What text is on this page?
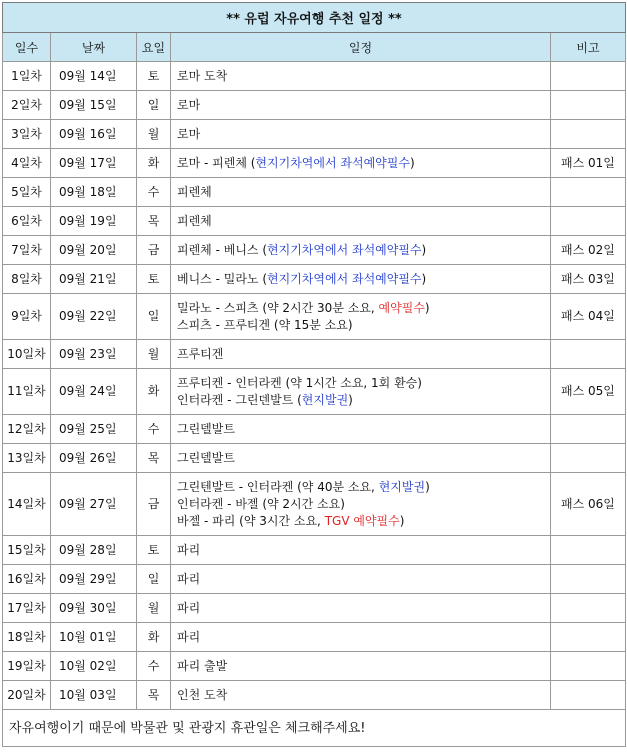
** 유럽 자유여행 추천 일정 **				
일수	날짜	요일	일정	비고
1일차	09월 14일	토	로마 도착	

2일차	09월 15일	일	로마	

3일차	09월 16일	월	로마	

4일차	09월 17일	화	로마 - 피렌체 (현지기차역에서 좌석예약필수)	패스 01일
5일차	09월 18일	수	피렌체	

6일차	09월 19일	목	피렌체	

7일차	09월 20일	금	피렌체 - 베니스 (현지기차역에서 좌석예약필수)	패스 02일
8일차	09월 21일	토	베니스 - 밀라노 (현지기차역에서 좌석예약필수)	패스 03일
9일차	09월 22일	일	밀라노 - 스피츠 (약 2시간 30분 소요, 예약필수)
스피츠 - 프루티겐 (약 15분 소요)	패스 04일
10일차	09월 23일	월	프루티겐	

11일차	09월 24일	화	프루티켄 - 인터라켄 (약 1시간 소요, 1회 환승)
인터라켄 - 그린덴발트 (현지발권)	패스 05일
12일차	09월 25일	수	그린델발트	

13일차	09월 26일	목	그린델발트	

14일차	09월 27일	금	그린텐발트 - 인터라켄 (약 40분 소요, 현지발권)
인터라켄 - 바젤 (약 2시간 소요)
바젤 - 파리 (약 3시간 소요, TGV 예약필수)	패스 06일
15일차	09월 28일	토	파리	

16일차	09월 29일	일	파리	

17일차	09월 30일	월	파리	

18일차	10월 01일	화	파리	

19일차	10월 02일	수	파리 출발	

20일차	10월 03일	목	인천 도착	

자유여행이기 때문에 박물관 및 관광지 휴관일은 체크해주세요!				
